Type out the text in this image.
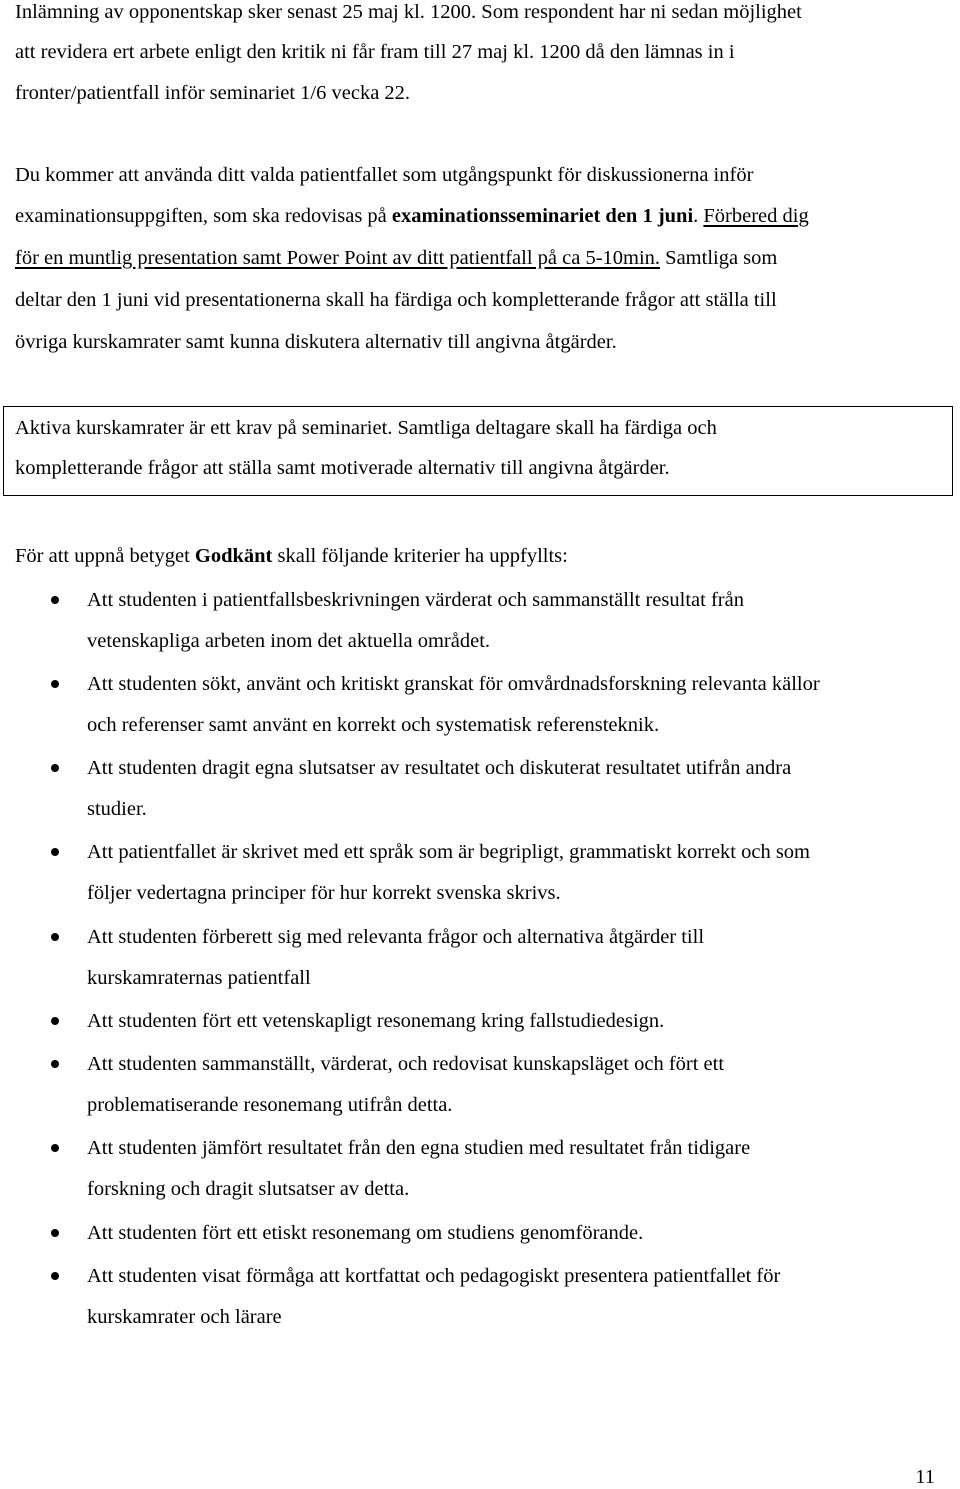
Inlämning av opponentskap sker senast 25 maj kl. 1200. Som respondent har ni sedan möjlighet
att revidera ert arbete enligt den kritik ni får fram till 27 maj kl. 1200 då den lämnas in i
fronter/patientfall inför seminariet 1/6 vecka 22.
Du kommer att använda ditt valda patientfallet som utgångspunkt för diskussionerna inför
examinationsuppgiften, som ska redovisas på examinationsseminariet den 1 juni. Förbered dig
för en muntlig presentation samt Power Point av ditt patientfall på ca 5-10min. Samtliga som
deltar den 1 juni vid presentationerna skall ha färdiga och kompletterande frågor att ställa till
övriga kurskamrater samt kunna diskutera alternativ till angivna åtgärder.
Aktiva kurskamrater är ett krav på seminariet. Samtliga deltagare skall ha färdiga och
kompletterande frågor att ställa samt motiverade alternativ till angivna åtgärder.
För att uppnå betyget Godkänt skall följande kriterier ha uppfyllts:
Att studenten i patientfallsbeskrivningen värderat och sammanställt resultat från
vetenskapliga arbeten inom det aktuella området.
Att studenten sökt, använt och kritiskt granskat för omvårdnadsforskning relevanta källor
och referenser samt använt en korrekt och systematisk referensteknik.
Att studenten dragit egna slutsatser av resultatet och diskuterat resultatet utifrån andra
studier.
Att patientfallet är skrivet med ett språk som är begripligt, grammatiskt korrekt och som
följer vedertagna principer för hur korrekt svenska skrivs.
Att studenten förberett sig med relevanta frågor och alternativa åtgärder till
kurskamraternas patientfall
Att studenten fört ett vetenskapligt resonemang kring fallstudiedesign.
Att studenten sammanställt, värderat, och redovisat kunskapsläget och fört ett
problematiserande resonemang utifrån detta.
Att studenten jämfört resultatet från den egna studien med resultatet från tidigare
forskning och dragit slutsatser av detta.
Att studenten fört ett etiskt resonemang om studiens genomförande.
Att studenten visat förmåga att kortfattat och pedagogiskt presentera patientfallet för
kurskamrater och lärare
11
